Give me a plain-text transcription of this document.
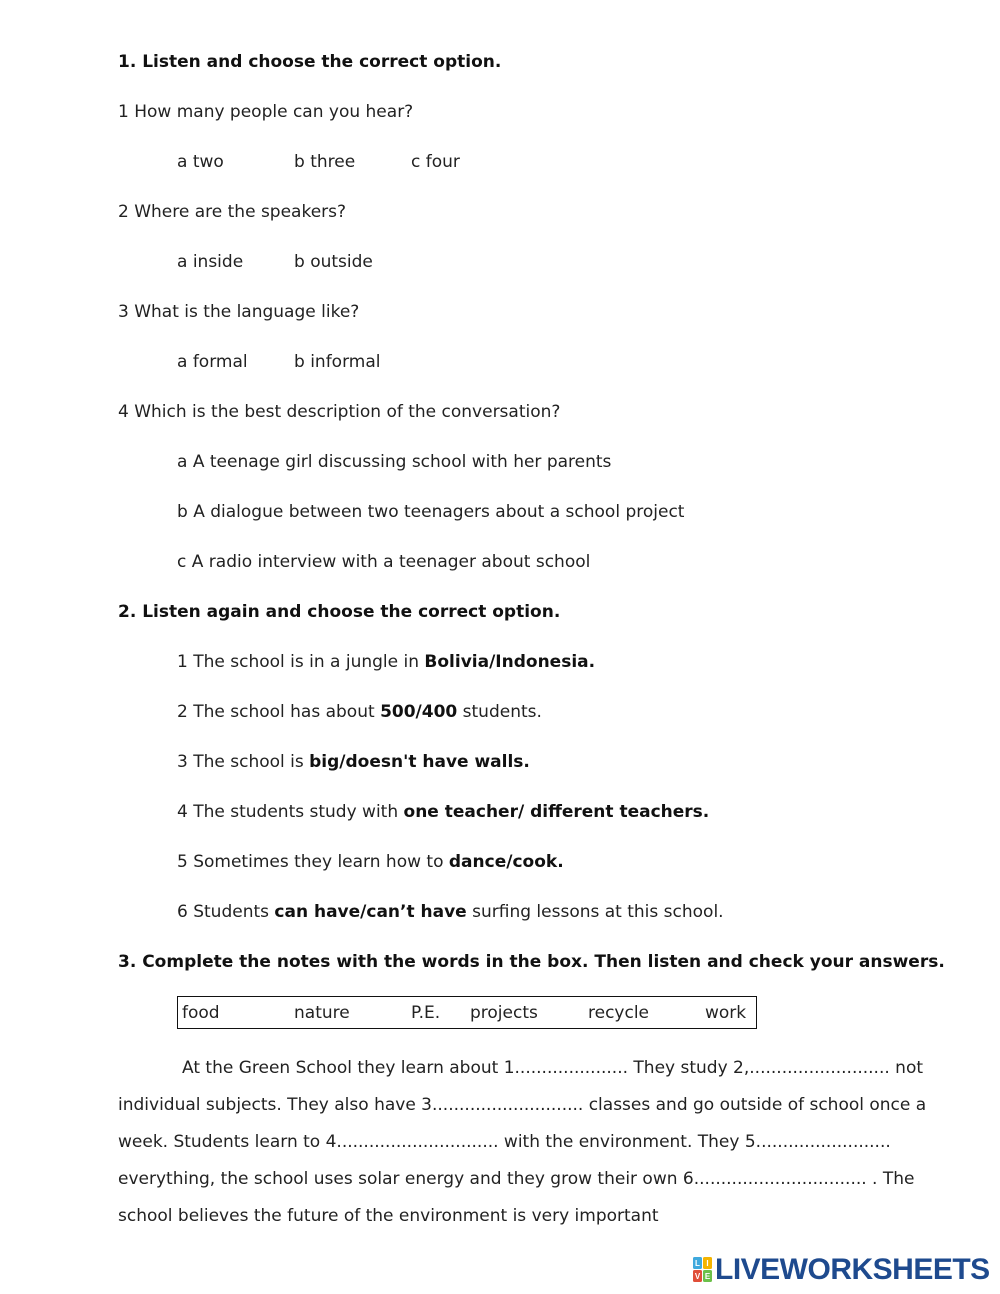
1. Listen and choose the correct option.
1 How many people can you hear?
a two	b three	c four
2 Where are the speakers?
a inside	b outside
3 What is the language like?
a formal	b informal
4 Which is the best description of the conversation?
a A teenage girl discussing school with her parents
b A dialogue between two teenagers about a school project
c A radio interview with a teenager about school
2. Listen again and choose the correct option.
1 The school is in a jungle in Bolivia/Indonesia.
2 The school has about 500/400 students.
3 The school is big/doesn't have walls.
4 The students study with one teacher/ different teachers.
5 Sometimes they learn how to dance/cook.
6 Students can have/can’t have surfing lessons at this school.
3. Complete the notes with the words in the box. Then listen and check your answers.
food	nature	P.E. projects	recycle	work
At the Green School they learn about 1..................... They study 2,.......................... not
individual subjects. They also have 3............................ classes and go outside of school once a
week. Students learn to 4.............................. with the environment. They 5.........................
everything, the school uses solar energy and they grow their own 6................................ . The
school believes the future of the environment is very important
L I
V E LIVEWORKSHEETS
